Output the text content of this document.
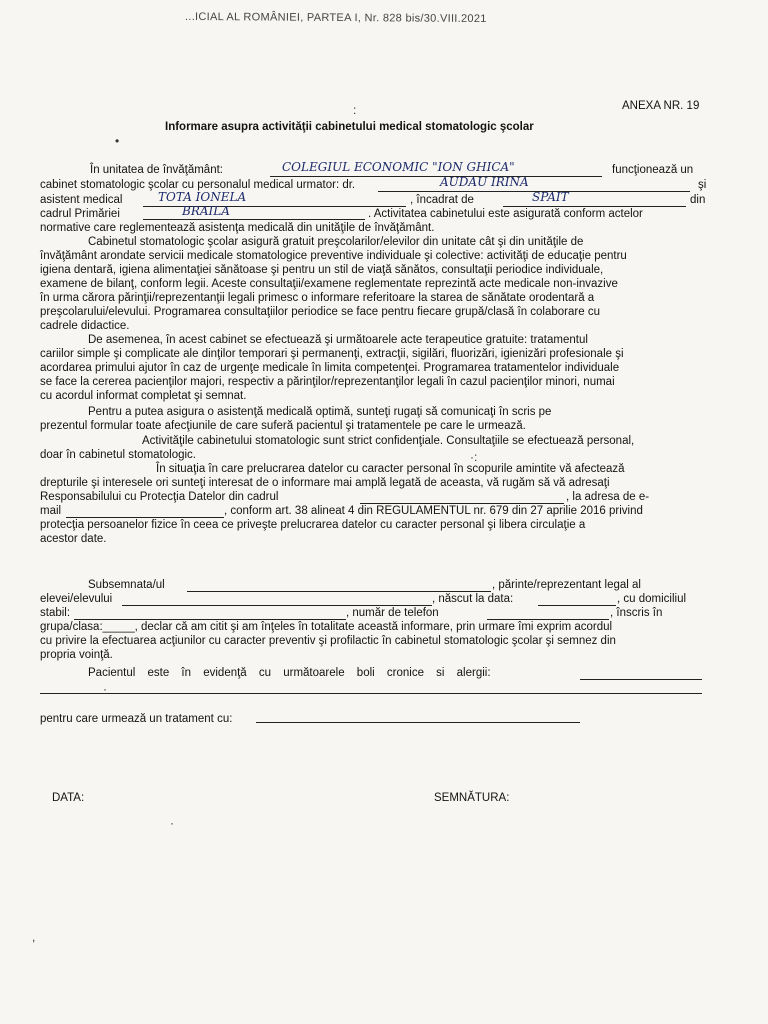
...ICIAL AL ROMÂNIEI, PARTEA I, Nr. 828 bis/30.VIII.2021
:	ANEXA NR. 19
Informare asupra activităţii cabinetului medical stomatologic şcolar
•
În unitatea de învăţământ:	COLEGIUL ECONOMIC "ION GHICA"	funcţionează un
cabinet stomatologic şcolar cu personalul medical urmator: dr.	AUDAU IRINA	şi
asistent medical	TOTA IONELA	, încadrat de	SPAIT	din
cadrul Primăriei	BRAILA	. Activitatea cabinetului este asigurată conform actelor
normative care reglementează asistenţa medicală din unităţile de învăţământ.
Cabinetul stomatologic şcolar asigură gratuit preşcolarilor/elevilor din unitate cât şi din unităţile de
învăţământ arondate servicii medicale stomatologice preventive individuale şi colective: activităţi de educaţie pentru
igiena dentară, igiena alimentaţiei sănătoase şi pentru un stil de viaţă sănătos, consultaţii periodice individuale,
examene de bilanţ, conform legii. Aceste consultaţii/examene reglementate reprezintă acte medicale non-invazive
în urma cărora părinţii/reprezentanţii legali primesc o informare referitoare la starea de sănătate orodentară a
preşcolarului/elevului. Programarea consultaţiilor periodice se face pentru fiecare grupă/clasă în colaborare cu
cadrele didactice.
De asemenea, în acest cabinet se efectuează şi următoarele acte terapeutice gratuite: tratamentul
cariilor simple şi complicate ale dinţilor temporari şi permanenţi, extracţii, sigilări, fluorizări, igienizări profesionale şi
acordarea primului ajutor în caz de urgenţe medicale în limita competenţei. Programarea tratamentelor individuale
se face la cererea pacienţilor majori, respectiv a părinţilor/reprezentanţilor legali în cazul pacienţilor minori, numai
cu acordul informat completat şi semnat.
Pentru a putea asigura o asistenţă medicală optimă, sunteţi rugaţi să comunicaţi în scris pe
prezentul formular toate afecţiunile de care suferă pacientul şi tratamentele pe care le urmează.
Activităţile cabinetului stomatologic sunt strict confidenţiale. Consultaţiile se efectuează personal,
doar în cabinetul stomatologic.	·:
În situaţia în care prelucrarea datelor cu caracter personal în scopurile amintite vă afectează
drepturile şi interesele ori sunteţi interesat de o informare mai amplă legată de aceasta, vă rugăm să vă adresaţi
Responsabilului cu Protecţia Datelor din cadrul	, la adresa de e-
mail	, conform art. 38 alineat 4 din REGULAMENTUL nr. 679 din 27 aprilie 2016 privind
protecţia persoanelor fizice în ceea ce priveşte prelucrarea datelor cu caracter personal şi libera circulaţie a
acestor date.
Subsemnata/ul	, părinte/reprezentant legal al
elevei/elevului	, născut la data:	, cu domiciliul
stabil:	, număr de telefon	, înscris în
grupa/clasa:_____, declar că am citit şi am înţeles în totalitate această informare, prin urmare îmi exprim acordul
cu privire la efectuarea acţiunilor cu caracter preventiv şi profilactic în cabinetul stomatologic şcolar şi semnez din
propria voinţă.
Pacientul este în evidenţă cu următoarele boli cronice si alergii:
·
pentru care urmează un tratament cu:
DATA:	SEMNĂTURA:
·
,
